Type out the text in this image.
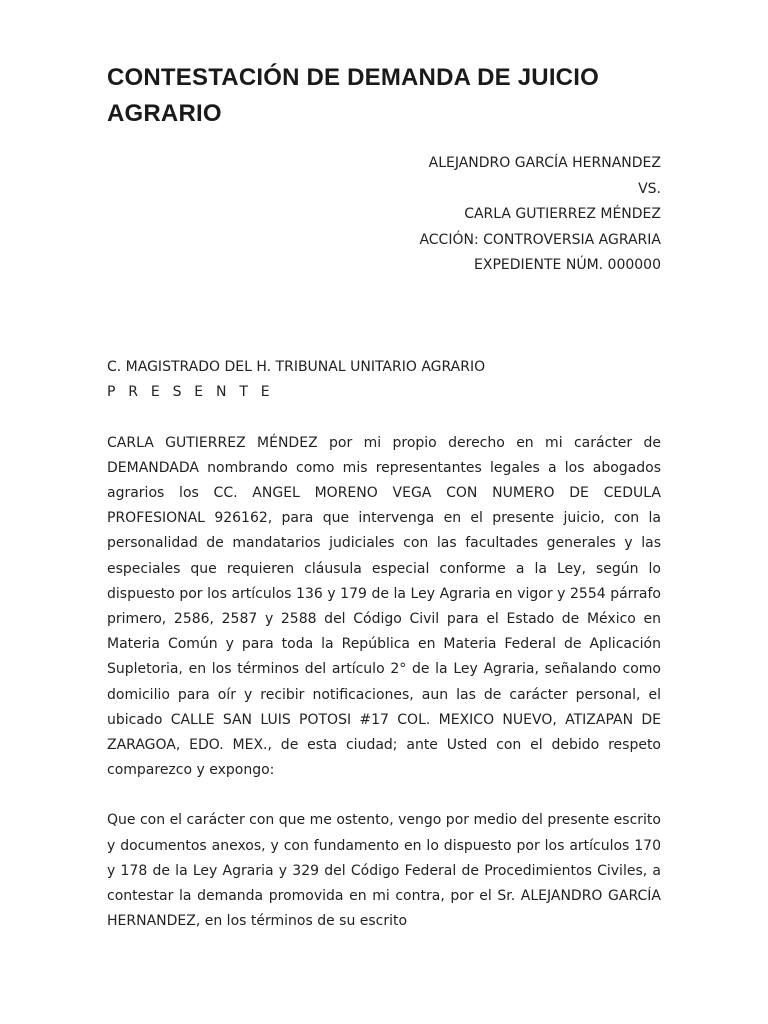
CONTESTACIÓN DE DEMANDA DE JUICIO AGRARIO
ALEJANDRO GARCÍA HERNANDEZ
VS.
CARLA GUTIERREZ MÉNDEZ
ACCIÓN: CONTROVERSIA AGRARIA
EXPEDIENTE NÚM. 000000
C. MAGISTRADO DEL H. TRIBUNAL UNITARIO AGRARIO
P R E S E N T E

CARLA GUTIERREZ MÉNDEZ por mi propio derecho en mi carácter de DEMANDADA nombrando como mis representantes legales a los abogados agrarios los CC. ANGEL MORENO VEGA CON NUMERO DE CEDULA PROFESIONAL 926162, para que intervenga en el presente juicio, con la personalidad de mandatarios judiciales con las facultades generales y las especiales que requieren cláusula especial conforme a la Ley, según lo dispuesto por los artículos 136 y 179 de la Ley Agraria en vigor y 2554 párrafo primero, 2586, 2587 y 2588 del Código Civil para el Estado de México en Materia Común y para toda la República en Materia Federal de Aplicación Supletoria, en los términos del artículo 2° de la Ley Agraria, señalando como domicilio para oír y recibir notificaciones, aun las de carácter personal, el ubicado CALLE SAN LUIS POTOSI #17 COL. MEXICO NUEVO, ATIZAPAN DE ZARAGOA, EDO. MEX., de esta ciudad; ante Usted con el debido respeto comparezco y expongo:

Que con el carácter con que me ostento, vengo por medio del presente escrito y documentos anexos, y con fundamento en lo dispuesto por los artículos 170 y 178 de la Ley Agraria y 329 del Código Federal de Procedimientos Civiles, a contestar la demanda promovida en mi contra, por el Sr. ALEJANDRO GARCÍA HERNANDEZ, en los términos de su escrito
